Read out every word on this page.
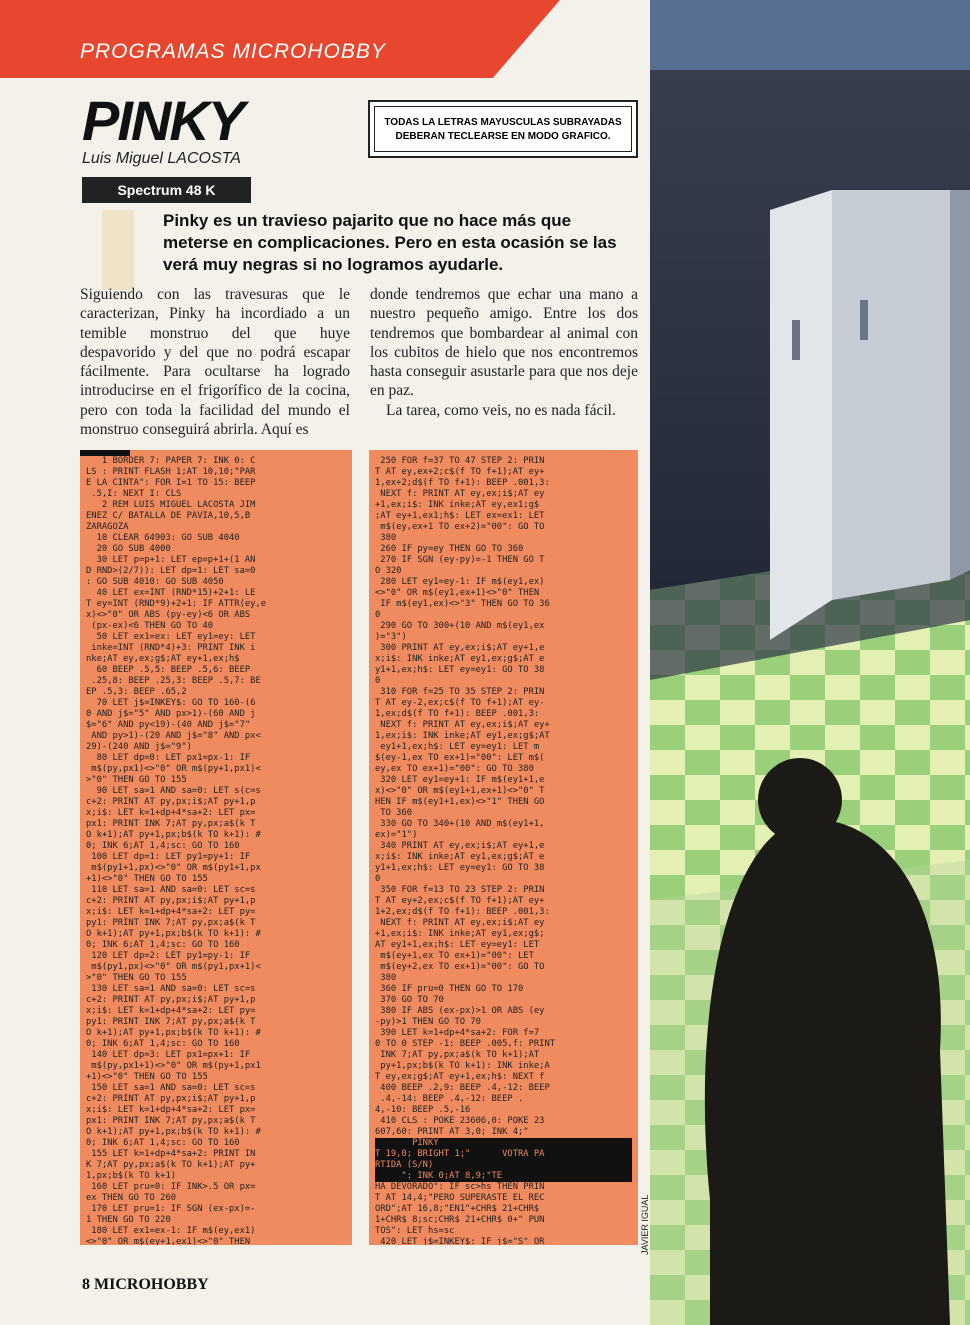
PROGRAMAS MICROHOBBY
PINKY
Luis Miguel LACOSTA
Spectrum 48 K
TODAS LA LETRAS MAYUSCULAS SUBRAYADAS DEBERAN TECLEARSE EN MODO GRAFICO.
Pinky es un travieso pajarito que no hace más que meterse en complicaciones. Pero en esta ocasión se las verá muy negras si no logramos ayudarle.
Siguiendo con las travesuras que le caracterizan, Pinky ha incordiado a un temible monstruo del que huye despavorido y del que no podrá escapar fácilmente. Para ocultarse ha logrado introducirse en el frigorífico de la cocina, pero con toda la facilidad del mundo el monstruo conseguirá abrirla. Aquí es
donde tendremos que echar una mano a nuestro pequeño amigo. Entre los dos tendremos que bombardear al animal con los cubitos de hielo que nos encontremos hasta conseguir asustarle para que nos deje en paz.
La tarea, como veis, no es nada fácil.
1 BORDER 7: PAPER 7: INK 0: C
LS : PRINT FLASH 1;AT 10,10;"PAR
E LA CINTA": FOR I=1 TO 15: BEEP
.5,I: NEXT I: CLS
2 REM LUIS MIGUEL LACOSTA JIM
ENEZ C/ BATALLA DE PAVIA,10,5,B
ZARAGOZA
10 CLEAR 64903: GO SUB 4040
20 GO SUB 4000
30 LET p=p+1: LET ep=p+1+(1 AN
D RND>(2/7)): LET dp=1: LET sa=0
: GO SUB 4010: GO SUB 4050
40 LET ex=INT (RND*15)+2+1: LE
T ey=INT (RND*9)+2+1: IF ATTR(ey,e
x)<>"0" OR ABS (py-ey)<6 OR ABS
(px-ex)<6 THEN GO TO 40
50 LET ex1=ex: LET ey1=ey: LET
inke=INT (RND*4)+3: PRINT INK i
nke;AT ey,ex;g$;AT ey+1,ex;h$
60 BEEP .5,5: BEEP .5,6: BEEP
.25,8: BEEP .25,3: BEEP .5,7: BE
EP .5,3: BEEP .65,2
70 LET j$=INKEY$: GO TO 160-(6
0 AND j$="5" AND px>1)-(60 AND j
$="6" AND py<19)-(40 AND j$="7"
AND py>1)-(20 AND j$="8" AND px<
29)-(240 AND j$="9")
80 LET dp=0: LET px1=px-1: IF
m$(py,px1)<>"0" OR m$(py+1,px1)<
>"0" THEN GO TO 155
90 LET sa=1 AND sa=0: LET s(c=s
c+2: PRINT AT py,px;i$;AT py+1,p
x;i$: LET k=1+dp+4*sa+2: LET px=
px1: PRINT INK 7;AT py,px;a$(k T
O k+1);AT py+1,px;b$(k TO k+1): #
0; INK 6;AT 1,4;sc: GO TO 160
100 LET dp=1: LET py1=py+1: IF
m$(py1+1,px)<>"0" OR m$(py1+1,px
+1)<>"0" THEN GO TO 155
110 LET sa=1 AND sa=0: LET sc=s
c+2: PRINT AT py,px;i$;AT py+1,p
x;i$: LET k=1+dp+4*sa+2: LET py=
py1: PRINT INK 7;AT py,px;a$(k T
O k+1);AT py+1,px;b$(k TO k+1): #
0; INK 6;AT 1,4;sc: GO TO 160
120 LET dp=2: LET py1=py-1: IF
m$(py1,px)<>"0" OR m$(py1,px+1)<
>"0" THEN GO TO 155
130 LET sa=1 AND sa=0: LET sc=s
c+2: PRINT AT py,px;i$;AT py+1,p
x;i$: LET k=1+dp+4*sa+2: LET py=
py1: PRINT INK 7;AT py,px;a$(k T
O k+1);AT py+1,px;b$(k TO k+1): #
0; INK 6;AT 1,4;sc: GO TO 160
140 LET dp=3: LET px1=px+1: IF
m$(py,px1+1)<>"0" OR m$(py+1,px1
+1)<>"0" THEN GO TO 155
150 LET sa=1 AND sa=0: LET sc=s
c+2: PRINT AT py,px;i$;AT py+1,p
x;i$: LET k=1+dp+4*sa+2: LET px=
px1: PRINT INK 7;AT py,px;a$(k T
O k+1);AT py+1,px;b$(k TO k+1): #
0; INK 6;AT 1,4;sc: GO TO 160
155 LET k=1+dp+4*sa+2: PRINT IN
K 7;AT py,px;a$(k TO k+1);AT py+
1,px;b$(k TO k+1)
160 LET pru=0: IF INK>.5 OR px=
ex THEN GO TO 260
170 LET pru=1: IF SGN (ex-px)=-
1 THEN GO TO 220
180 LET ex1=ex-1: IF m$(ey,ex1)
<>"0" OR m$(ey+1,ex1)<>"0" THEN
250 FOR f=37 TO 47 STEP 2: PRIN
T AT ey,ex+2;c$(f TO f+1);AT ey+
1,ex+2;d$(f TO f+1): BEEP .001,3:
NEXT f: PRINT AT ey,ex;i$;AT ey
+1,ex;i$: INK inke;AT ey,ex1;g$
;AT ey+1,ex1;h$: LET ex=ex1: LET
m$(ey,ex+1 TO ex+2)="00": GO TO
380
260 IF py=ey THEN GO TO 360
270 IF SGN (ey-py)=-1 THEN GO T
O 320
280 LET ey1=ey-1: IF m$(ey1,ex)
<>"0" OR m$(ey1,ex+1)<>"0" THEN
IF m$(ey1,ex)<>"3" THEN GO TO 36
0
290 GO TO 300+(10 AND m$(ey1,ex
)="3")
300 PRINT AT ey,ex;i$;AT ey+1,e
x;i$: INK inke;AT ey1,ex;g$;AT e
y1+1,ex;h$: LET ey=ey1: GO TO 38
0
310 FOR f=25 TO 35 STEP 2: PRIN
T AT ey-2,ex;c$(f TO f+1);AT ey-
1,ex;d$(f TO f+1): BEEP .001,3:
NEXT f: PRINT AT ey,ex;i$;AT ey+
1,ex;i$: INK inke;AT ey1,ex;g$;AT
ey1+1,ex;h$: LET ey=ey1: LET m
$(ey-1,ex TO ex+1)="00": LET m$(
ey,ex TO ex+1)="00": GO TO 380
320 LET ey1=ey+1: IF m$(ey1+1,e
x)<>"0" OR m$(ey1+1,ex+1)<>"0" T
HEN IF m$(ey1+1,ex)<>"1" THEN GO
TO 360
330 GO TO 340+(10 AND m$(ey1+1,
ex)="1")
340 PRINT AT ey,ex;i$;AT ey+1,e
x;i$: INK inke;AT ey1,ex;g$;AT e
y1+1,ex;h$: LET ey=ey1: GO TO 38
0
350 FOR f=13 TO 23 STEP 2: PRIN
T AT ey+2,ex;c$(f TO f+1);AT ey+
1+2,ex;d$(f TO f+1): BEEP .001,3:
NEXT f: PRINT AT ey,ex;i$;AT ey
+1,ex;i$: INK inke;AT ey1,ex;g$;
AT ey1+1,ex;h$: LET ey=ey1: LET
m$(ey+1,ex TO ex+1)="00": LET
m$(ey+2,ex TO ex+1)="00": GO TO
380
360 IF pru=0 THEN GO TO 170
370 GO TO 70
380 IF ABS (ex-px)>1 OR ABS (ey
-py)>1 THEN GO TO 70
390 LET k=1+dp+4*sa+2: FOR f=7
0 TO 0 STEP -1: BEEP .005,f: PRINT
INK 7;AT py,px;a$(k TO k+1);AT
py+1,px;b$(k TO k+1): INK inke;A
T ey,ex;g$;AT ey+1,ex;h$: NEXT f
400 BEEP .2,9: BEEP .4,-12: BEEP
.4,-14: BEEP .4,-12: BEEP .
4,-10: BEEP .5,-16
410 CLS : POKE 23606,0: POKE 23
607,60: PRINT AT 3,0; INK 4;"
PINKY
T 19,0; BRIGHT 1;"      VOTRA PA
RTIDA (S/N)
": INK 0;AT 8,9;"TE
HA DEVORADO": IF sc>hs THEN PRIN
T AT 14,4;"PERO SUPERASTE EL REC
ORD";AT 16,8;"EN1"+CHR$ 21+CHR$
1+CHR$ 8;sc;CHR$ 21+CHR$ 0+" PUN
TOS": LET hs=sc
420 LET j$=INKEY$: IF j$="S" OR
8 MICROHOBBY
JAVIER IGUAL
